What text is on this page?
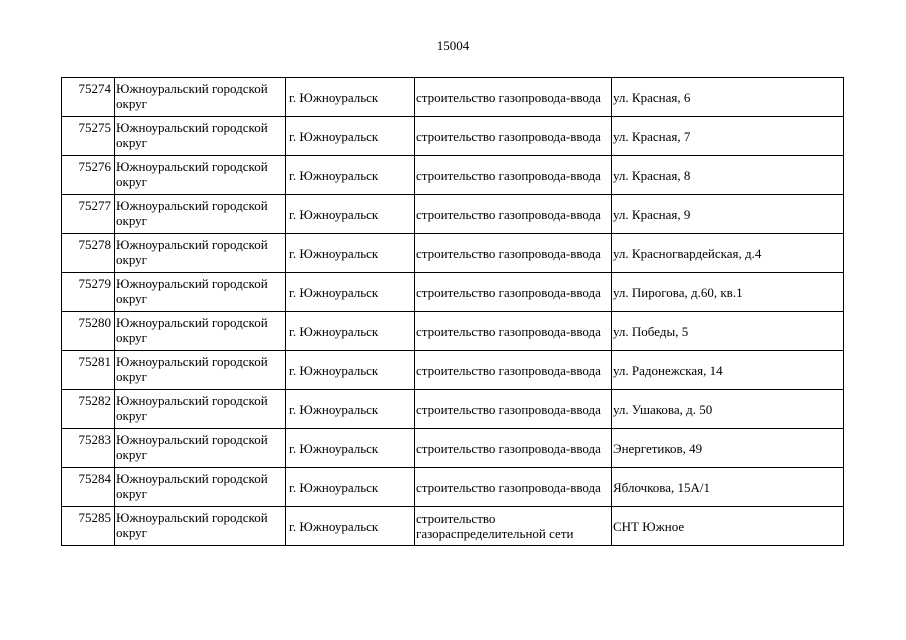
15004
75274	Южноуральский городской округ	г. Южноуральск	строительство газопровода-ввода	ул. Красная, 6
75275	Южноуральский городской округ	г. Южноуральск	строительство газопровода-ввода	ул. Красная, 7
75276	Южноуральский городской округ	г. Южноуральск	строительство газопровода-ввода	ул. Красная, 8
75277	Южноуральский городской округ	г. Южноуральск	строительство газопровода-ввода	ул. Красная, 9
75278	Южноуральский городской округ	г. Южноуральск	строительство газопровода-ввода	ул. Красногвардейская, д.4
75279	Южноуральский городской округ	г. Южноуральск	строительство газопровода-ввода	ул. Пирогова, д.60, кв.1
75280	Южноуральский городской округ	г. Южноуральск	строительство газопровода-ввода	ул. Победы, 5
75281	Южноуральский городской округ	г. Южноуральск	строительство газопровода-ввода	ул. Радонежская, 14
75282	Южноуральский городской округ	г. Южноуральск	строительство газопровода-ввода	ул. Ушакова, д. 50
75283	Южноуральский городской округ	г. Южноуральск	строительство газопровода-ввода	Энергетиков, 49
75284	Южноуральский городской округ	г. Южноуральск	строительство газопровода-ввода	Яблочкова, 15А/1
75285	Южноуральский городской округ	г. Южноуральск	строительство газораспределительной сети	СНТ Южное
